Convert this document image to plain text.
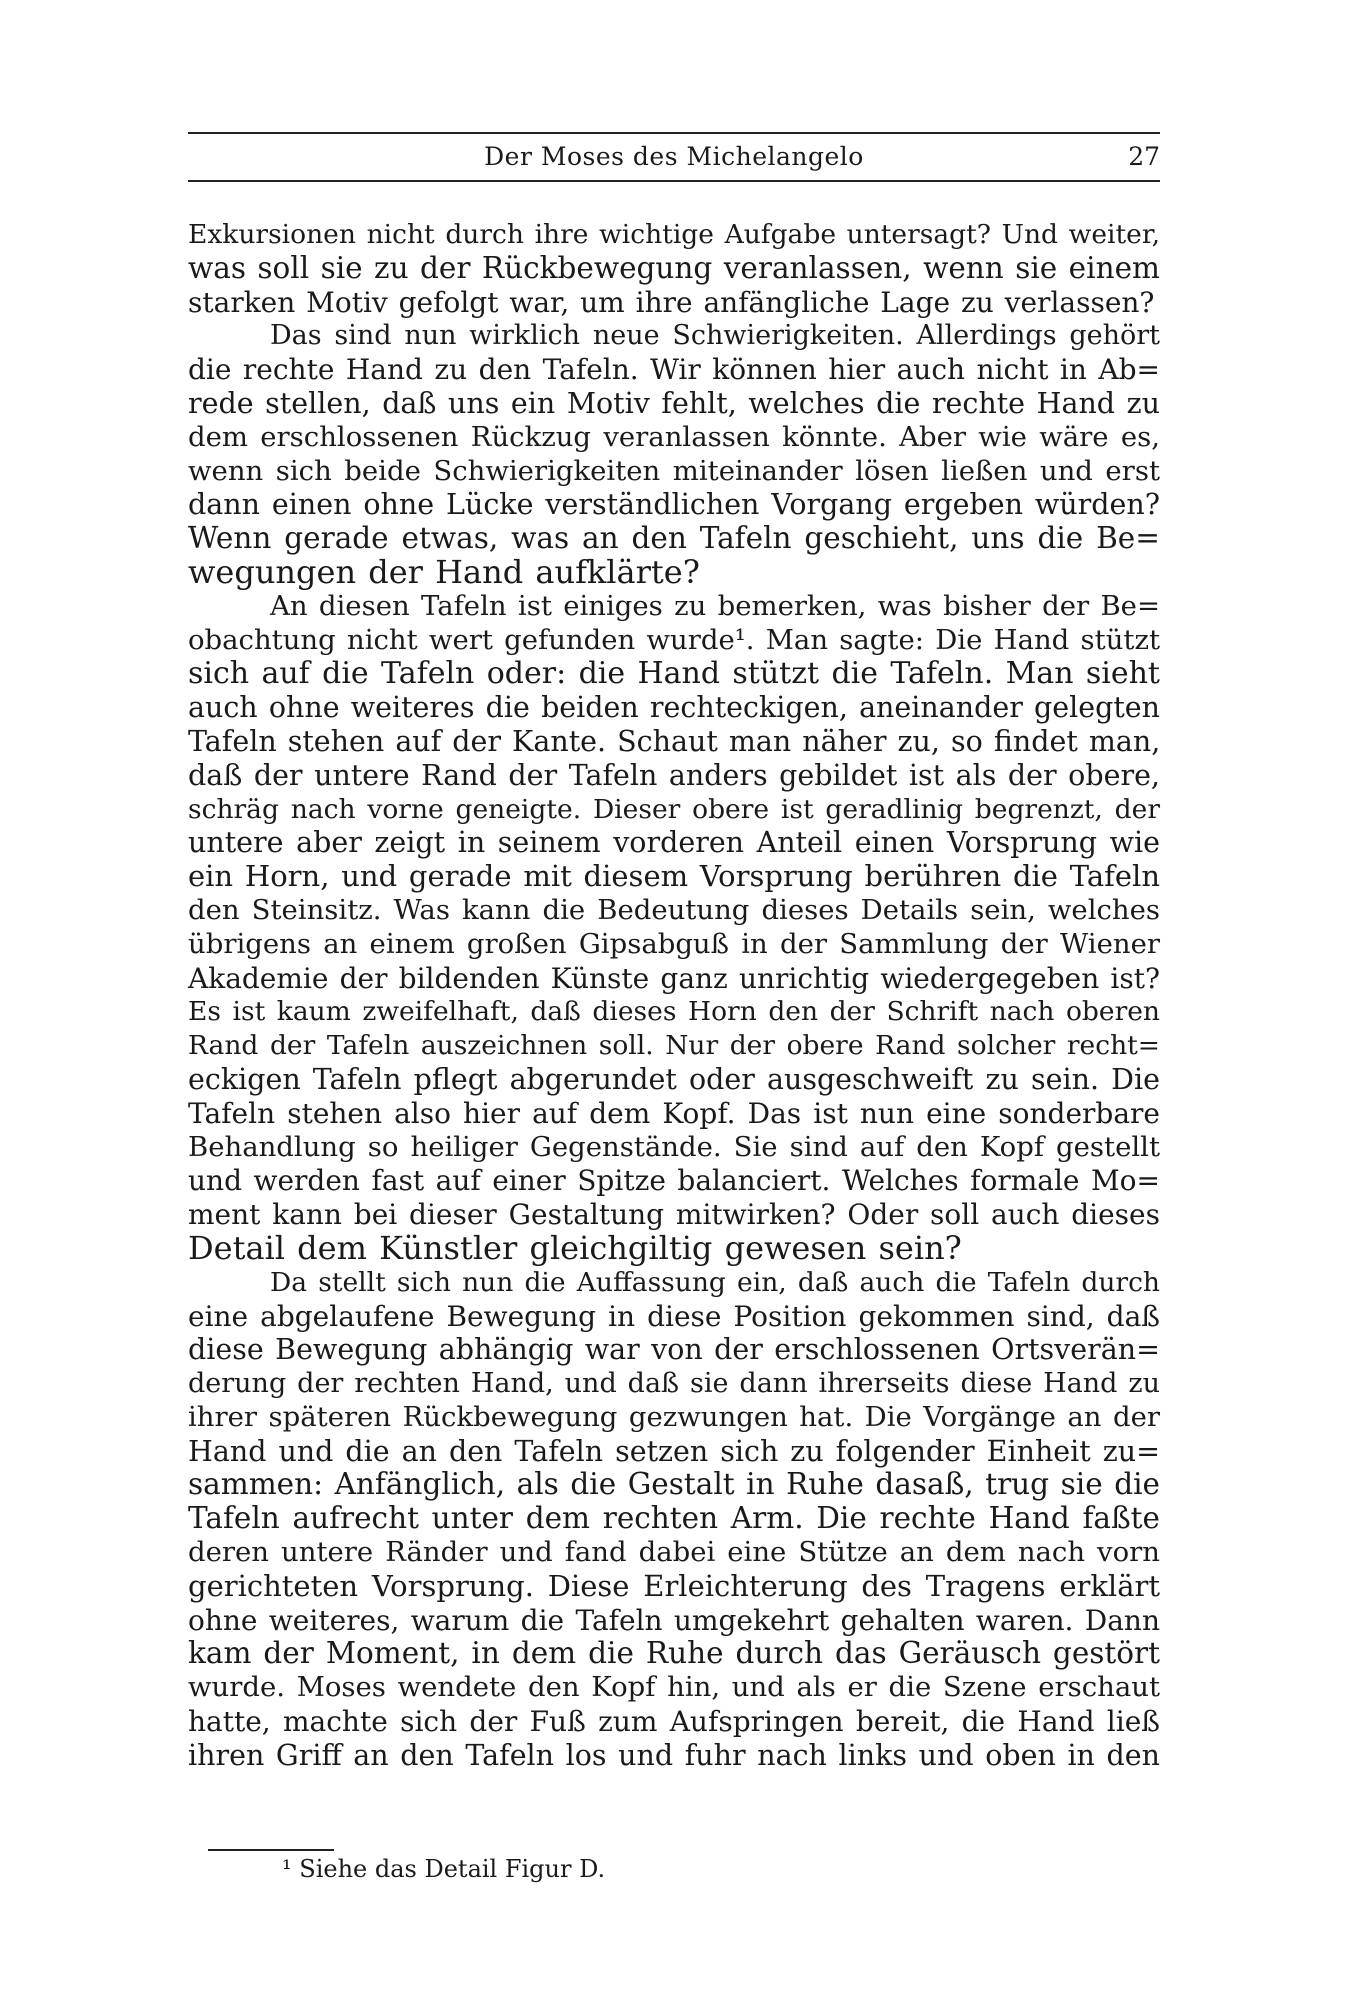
Der Moses des Michelangelo	27
Exkursionen nicht durch ihre wichtige Aufgabe untersagt? Und weiter,
was soll sie zu der Rückbewegung veranlassen, wenn sie einem
starken Motiv gefolgt war, um ihre anfängliche Lage zu verlassen?
Das sind nun wirklich neue Schwierigkeiten. Allerdings gehört
die rechte Hand zu den Tafeln. Wir können hier auch nicht in Ab=
rede stellen, daß uns ein Motiv fehlt, welches die rechte Hand zu
dem erschlossenen Rückzug veranlassen könnte. Aber wie wäre es,
wenn sich beide Schwierigkeiten miteinander lösen ließen und erst
dann einen ohne Lücke verständlichen Vorgang ergeben würden?
Wenn gerade etwas, was an den Tafeln geschieht, uns die Be=
wegungen der Hand aufklärte?
An diesen Tafeln ist einiges zu bemerken, was bisher der Be=
obachtung nicht wert gefunden wurde¹. Man sagte: Die Hand stützt
sich auf die Tafeln oder: die Hand stützt die Tafeln. Man sieht
auch ohne weiteres die beiden rechteckigen, aneinander gelegten
Tafeln stehen auf der Kante. Schaut man näher zu, so findet man,
daß der untere Rand der Tafeln anders gebildet ist als der obere,
schräg nach vorne geneigte. Dieser obere ist geradlinig begrenzt, der
untere aber zeigt in seinem vorderen Anteil einen Vorsprung wie
ein Horn, und gerade mit diesem Vorsprung berühren die Tafeln
den Steinsitz. Was kann die Bedeutung dieses Details sein, welches
übrigens an einem großen Gipsabguß in der Sammlung der Wiener
Akademie der bildenden Künste ganz unrichtig wiedergegeben ist?
Es ist kaum zweifelhaft, daß dieses Horn den der Schrift nach oberen
Rand der Tafeln auszeichnen soll. Nur der obere Rand solcher recht=
eckigen Tafeln pflegt abgerundet oder ausgeschweift zu sein. Die
Tafeln stehen also hier auf dem Kopf. Das ist nun eine sonderbare
Behandlung so heiliger Gegenstände. Sie sind auf den Kopf gestellt
und werden fast auf einer Spitze balanciert. Welches formale Mo=
ment kann bei dieser Gestaltung mitwirken? Oder soll auch dieses
Detail dem Künstler gleichgiltig gewesen sein?
Da stellt sich nun die Auffassung ein, daß auch die Tafeln durch
eine abgelaufene Bewegung in diese Position gekommen sind, daß
diese Bewegung abhängig war von der erschlossenen Ortsverän=
derung der rechten Hand, und daß sie dann ihrerseits diese Hand zu
ihrer späteren Rückbewegung gezwungen hat. Die Vorgänge an der
Hand und die an den Tafeln setzen sich zu folgender Einheit zu=
sammen: Anfänglich, als die Gestalt in Ruhe dasaß, trug sie die
Tafeln aufrecht unter dem rechten Arm. Die rechte Hand faßte
deren untere Ränder und fand dabei eine Stütze an dem nach vorn
gerichteten Vorsprung. Diese Erleichterung des Tragens erklärt
ohne weiteres, warum die Tafeln umgekehrt gehalten waren. Dann
kam der Moment, in dem die Ruhe durch das Geräusch gestört
wurde. Moses wendete den Kopf hin, und als er die Szene erschaut
hatte, machte sich der Fuß zum Aufspringen bereit, die Hand ließ
ihren Griff an den Tafeln los und fuhr nach links und oben in den
¹ Siehe das Detail Figur D.
